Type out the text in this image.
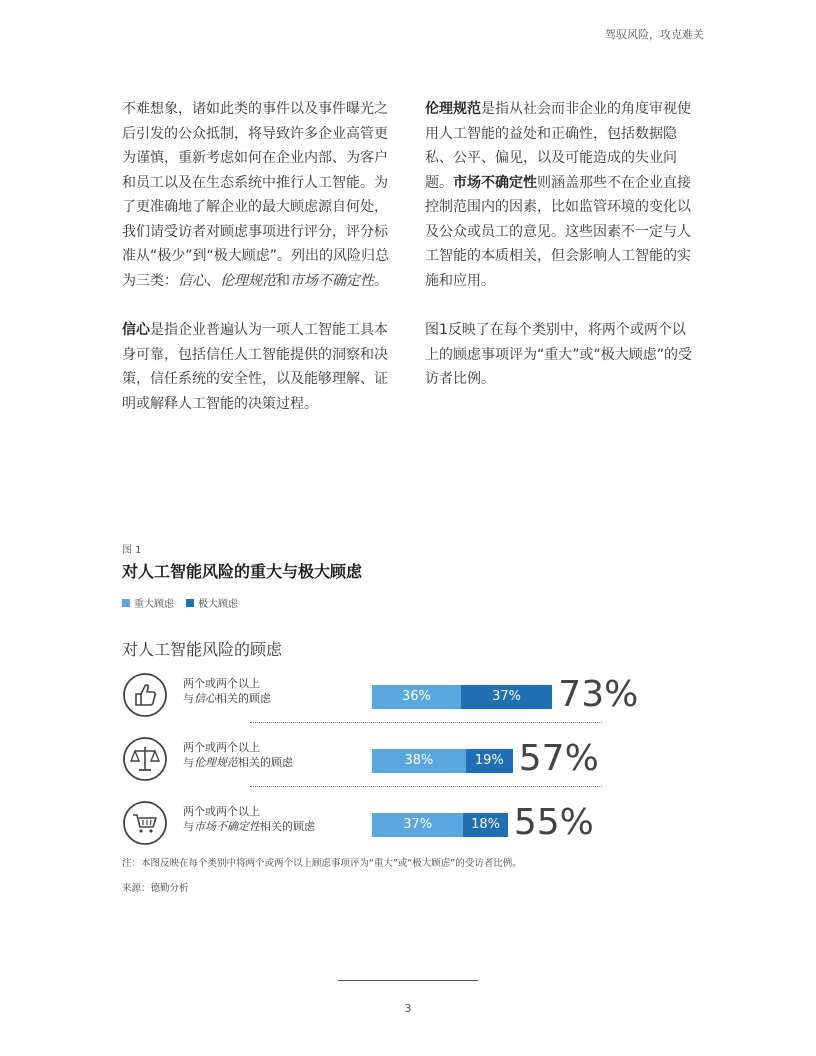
驾驭风险，攻克难关

不难想象，诸如此类的事件以及事件曝光之后引发的公众抵制，将导致许多企业高管更为谨慎，重新考虑如何在企业内部、为客户和员工以及在生态系统中推行人工智能。为了更准确地了解企业的最大顾虑源自何处，我们请受访者对顾虑事项进行评分，评分标准从“极少”到“极大顾虑”。列出的风险归总为三类：信心、伦理规范和市场不确定性。

信心是指企业普遍认为一项人工智能工具本身可靠，包括信任人工智能提供的洞察和决策，信任系统的安全性，以及能够理解、证明或解释人工智能的决策过程。

伦理规范是指从社会而非企业的角度审视使用人工智能的益处和正确性，包括数据隐私、公平、偏见，以及可能造成的失业问题。市场不确定性则涵盖那些不在企业直接控制范围内的因素，比如监管环境的变化以及公众或员工的意见。这些因素不一定与人工智能的本质相关，但会影响人工智能的实施和应用。

图1反映了在每个类别中，将两个或两个以上的顾虑事项评为“重大”或“极大顾虑”的受访者比例。

图 1
对人工智能风险的重大与极大顾虑
重大顾虑 极大顾虑
对人工智能风险的顾虑
两个或两个以上
与信心相关的顾虑	36%	37%	73%
两个或两个以上
与伦理规范相关的顾虑	38%	19% 57%
两个或两个以上
与市场不确定性相关的顾虑	37%	18% 55%
注：本图反映在每个类别中将两个或两个以上顾虑事项评为“重大”或“极大顾虑”的受访者比例。
来源：德勤分析
3
